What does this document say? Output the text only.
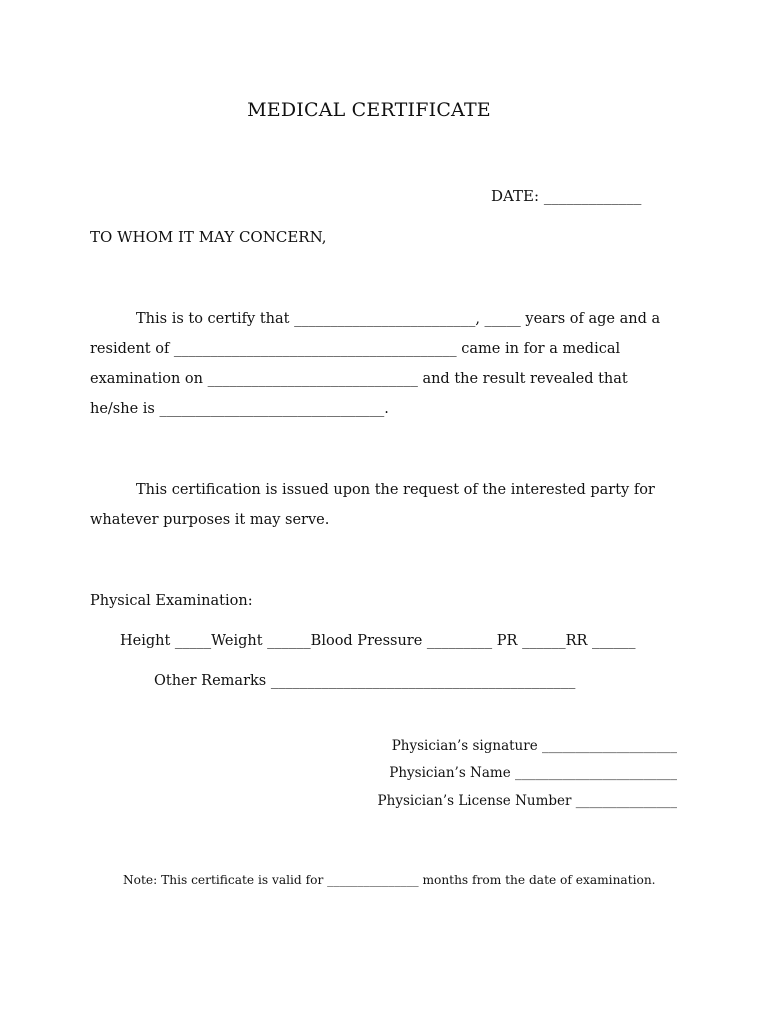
MEDICAL CERTIFICATE
DATE: _____________
TO WHOM IT MAY CONCERN,
This is to certify that _________________________, _____ years of age and a
resident of _______________________________________ came in for a medical
examination on _____________________________ and the result revealed that
he/she is _______________________________.
This certification is issued upon the request of the interested party for
whatever purposes it may serve.
Physical Examination:
Height _____Weight ______Blood Pressure _________ PR ______RR ______
Other Remarks __________________________________________
Physician’s signature ____________________
Physician’s Name ________________________
Physician’s License Number _______________
Note: This certificate is valid for _______________ months from the date of examination.
